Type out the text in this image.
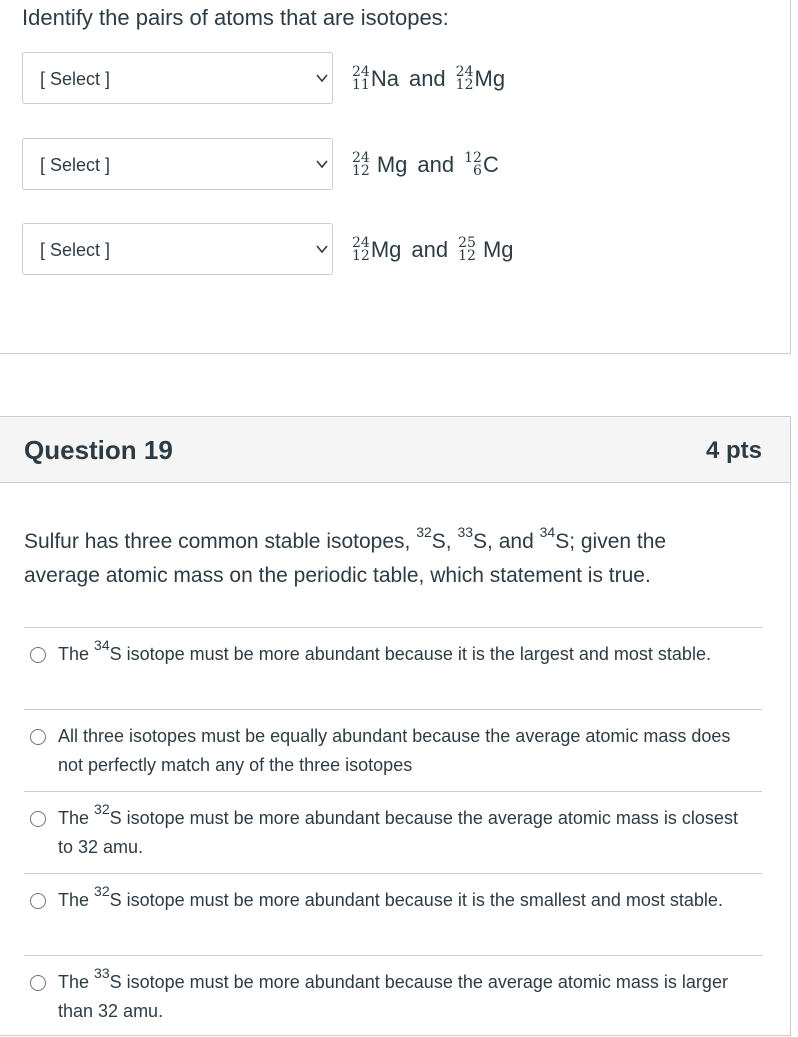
Identify the pairs of atoms that are isotopes:
[ Select ]	24
11 Na and 24
12 Mg
[ Select ]	24
12 Mg and 12
6 C
[ Select ]	24
12 Mg and 25
12 Mg
Question 19	4 pts
Sulfur has three common stable isotopes, $^{32}$S, $^{33}$S, and $^{34}$S; given the average atomic mass on the periodic table, which statement is true.
The $^{34}$S isotope must be more abundant because it is the largest and most stable.
All three isotopes must be equally abundant because the average atomic mass does not perfectly match any of the three isotopes
The $^{32}$S isotope must be more abundant because the average atomic mass is closest to 32 amu.
The $^{32}$S isotope must be more abundant because it is the smallest and most stable.
The $^{33}$S isotope must be more abundant because the average atomic mass is larger than 32 amu.
